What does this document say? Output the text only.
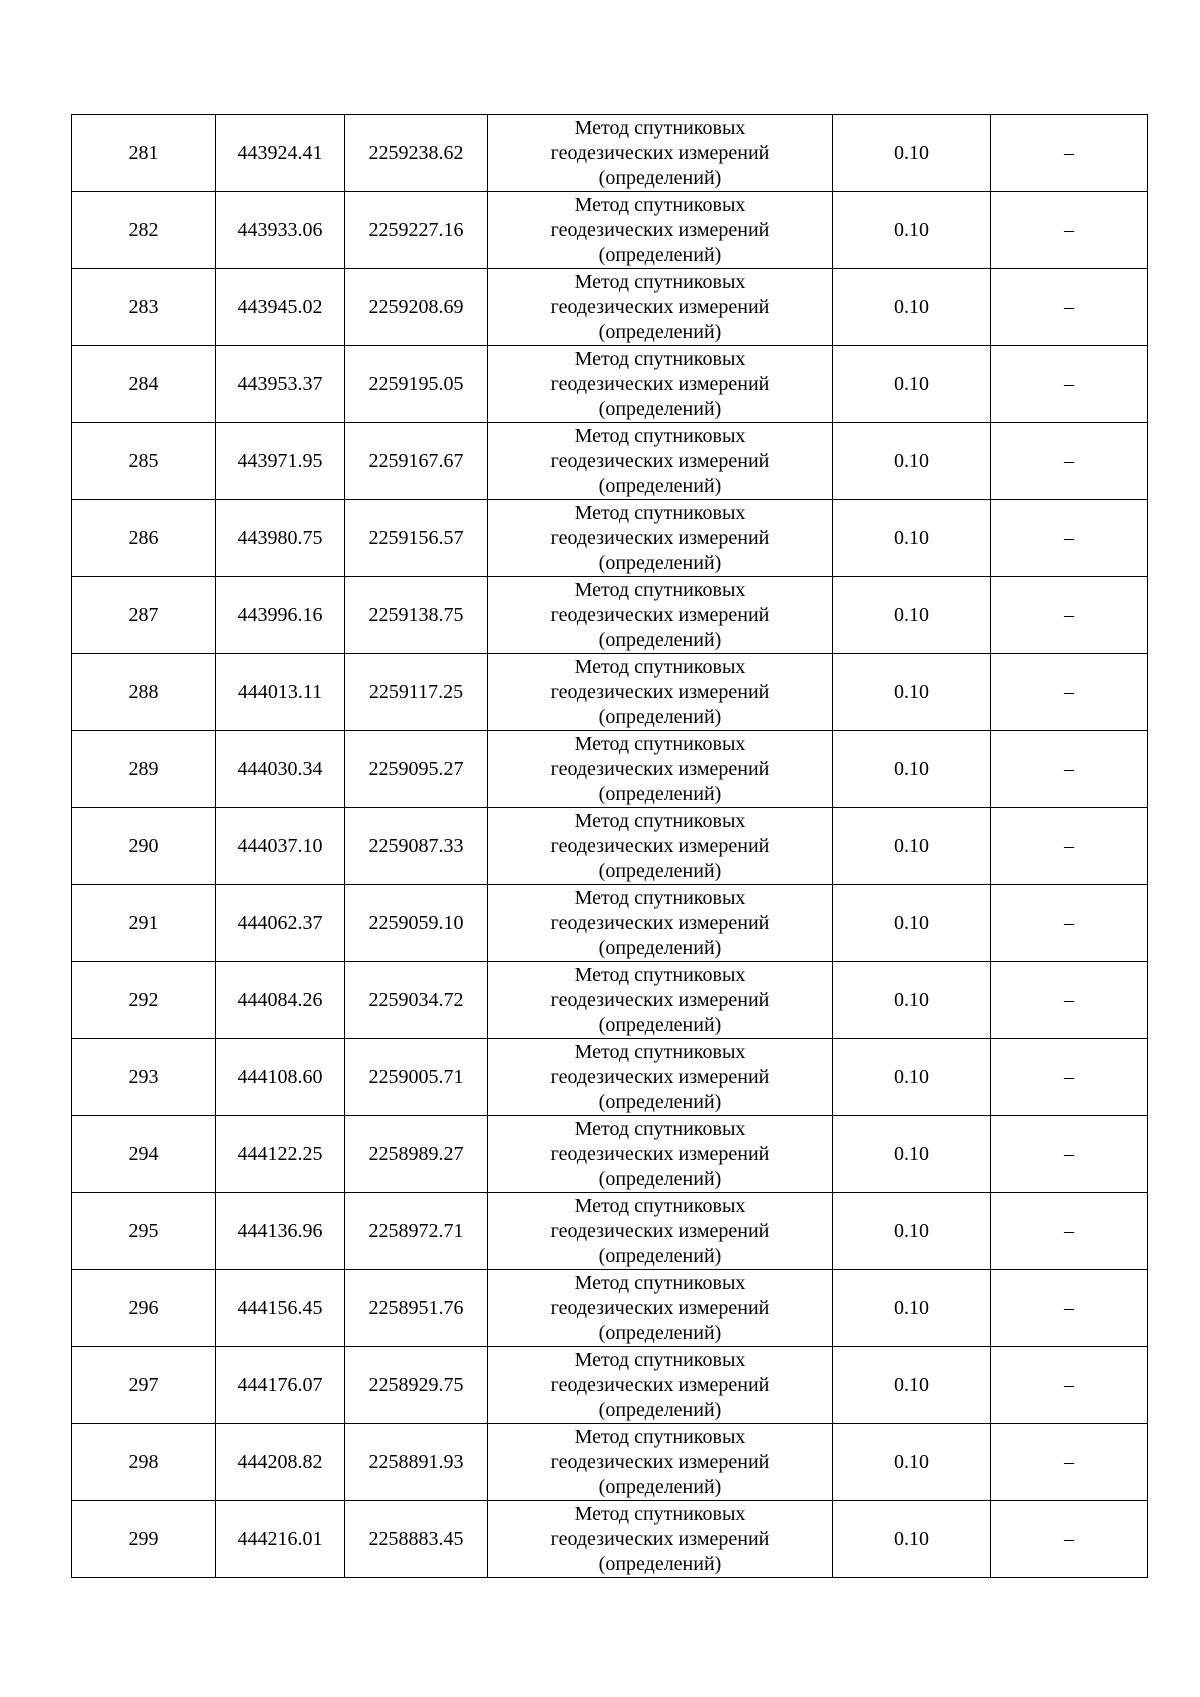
281	443924.41	2259238.62	Метод спутниковых
геодезических измерений
(определений)	0.10	–
282	443933.06	2259227.16	Метод спутниковых
геодезических измерений
(определений)	0.10	–
283	443945.02	2259208.69	Метод спутниковых
геодезических измерений
(определений)	0.10	–
284	443953.37	2259195.05	Метод спутниковых
геодезических измерений
(определений)	0.10	–
285	443971.95	2259167.67	Метод спутниковых
геодезических измерений
(определений)	0.10	–
286	443980.75	2259156.57	Метод спутниковых
геодезических измерений
(определений)	0.10	–
287	443996.16	2259138.75	Метод спутниковых
геодезических измерений
(определений)	0.10	–
288	444013.11	2259117.25	Метод спутниковых
геодезических измерений
(определений)	0.10	–
289	444030.34	2259095.27	Метод спутниковых
геодезических измерений
(определений)	0.10	–
290	444037.10	2259087.33	Метод спутниковых
геодезических измерений
(определений)	0.10	–
291	444062.37	2259059.10	Метод спутниковых
геодезических измерений
(определений)	0.10	–
292	444084.26	2259034.72	Метод спутниковых
геодезических измерений
(определений)	0.10	–
293	444108.60	2259005.71	Метод спутниковых
геодезических измерений
(определений)	0.10	–
294	444122.25	2258989.27	Метод спутниковых
геодезических измерений
(определений)	0.10	–
295	444136.96	2258972.71	Метод спутниковых
геодезических измерений
(определений)	0.10	–
296	444156.45	2258951.76	Метод спутниковых
геодезических измерений
(определений)	0.10	–
297	444176.07	2258929.75	Метод спутниковых
геодезических измерений
(определений)	0.10	–
298	444208.82	2258891.93	Метод спутниковых
геодезических измерений
(определений)	0.10	–
299	444216.01	2258883.45	Метод спутниковых
геодезических измерений
(определений)	0.10	–
